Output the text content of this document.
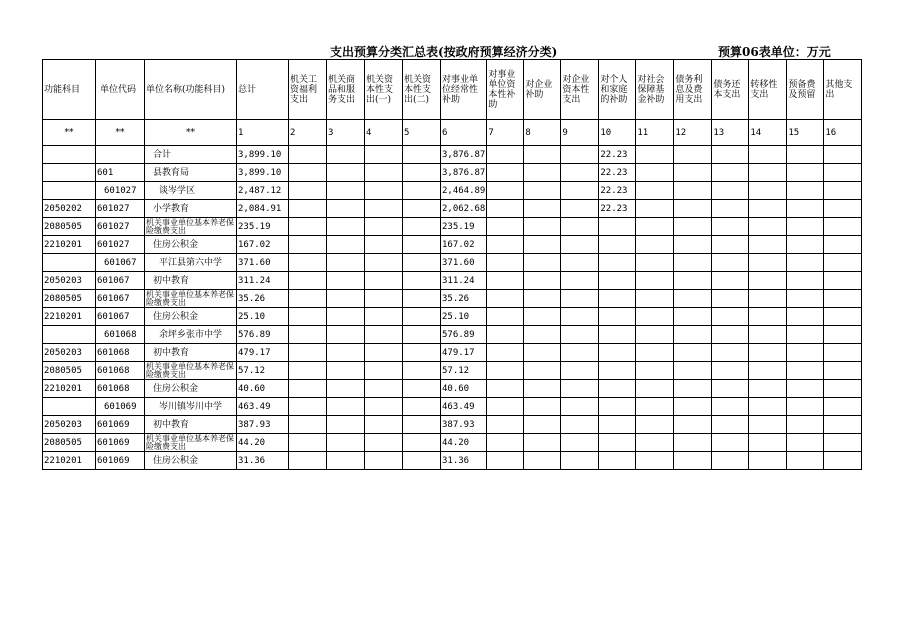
支出预算分类汇总表(按政府预算经济分类)	预算06表单位：万元
功能科目	单位代码	单位名称(功能科目)	总计	机关工资福利支出	机关商品和服务支出	机关资本性支出(一)	机关资本性支出(二)	对事业单位经常性补助	对事业单位资本性补助	对企业补助	对企业资本性支出	对个人和家庭的补助	对社会保障基金补助	债务利息及费用支出	债务还本支出	转移性支出	预备费及预留	其他支出
**	**	**	1	2	3	4	5	6	7	8	9	10	11	12	13	14	15	16
		合计	3,899.10					3,876.87				22.23						
	601	县教育局	3,899.10					3,876.87				22.23						
	601027	谈岑学区	2,487.12					2,464.89				22.23						
2050202	601027	小学教育	2,084.91					2,062.68				22.23						
2080505	601027	机关事业单位基本养老保险缴费支出	235.19					235.19										
2210201	601027	住房公积金	167.02					167.02										
	601067	平江县第六中学	371.60					371.60										
2050203	601067	初中教育	311.24					311.24										
2080505	601067	机关事业单位基本养老保险缴费支出	35.26					35.26										
2210201	601067	住房公积金	25.10					25.10										
	601068	余坪乡张市中学	576.89					576.89										
2050203	601068	初中教育	479.17					479.17										
2080505	601068	机关事业单位基本养老保险缴费支出	57.12					57.12										
2210201	601068	住房公积金	40.60					40.60										
	601069	岑川镇岑川中学	463.49					463.49										
2050203	601069	初中教育	387.93					387.93										
2080505	601069	机关事业单位基本养老保险缴费支出	44.20					44.20										
2210201	601069	住房公积金	31.36					31.36										
